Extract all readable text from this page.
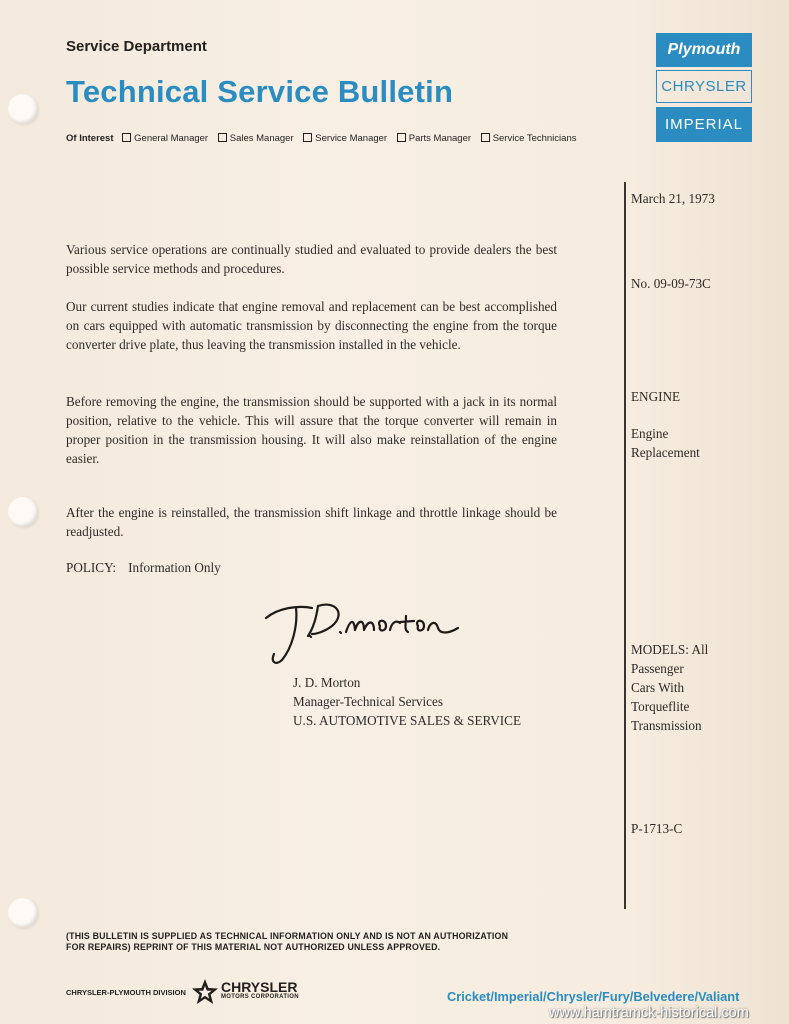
Service Department
Technical Service Bulletin
Of Interest General Manager Sales Manager Service Manager Parts Manager Service Technicians
Plymouth
CHRYSLER
IMPERIAL
March 21, 1973
No. 09-09-73C
ENGINE
Engine
Replacement
MODELS: All
Passenger
Cars With
Torqueflite
Transmission
P-1713-C

Various service operations are continually studied and evaluated to provide dealers the best possible service methods and procedures.

Our current studies indicate that engine removal and replacement can be best accomplished on cars equipped with automatic transmission by disconnecting the engine from the torque converter drive plate, thus leaving the transmission installed in the vehicle.

Before removing the engine, the transmission should be supported with a jack in its normal position, relative to the vehicle. This will assure that the torque converter will remain in proper position in the transmission housing. It will also make reinstallation of the engine easier.

After the engine is reinstalled, the transmission shift linkage and throttle linkage should be readjusted.

POLICY: Information Only
J. D. Morton
Manager-Technical Services
U.S. AUTOMOTIVE SALES & SERVICE
(THIS BULLETIN IS SUPPLIED AS TECHNICAL INFORMATION ONLY AND IS NOT AN AUTHORIZATION
FOR REPAIRS) REPRINT OF THIS MATERIAL NOT AUTHORIZED UNLESS APPROVED.
CHRYSLER-PLYMOUTH DIVISION	CHRYSLER
MOTORS CORPORATION	Cricket/Imperial/Chrysler/Fury/Belvedere/Valiant
www.hamtramck-historical.com
